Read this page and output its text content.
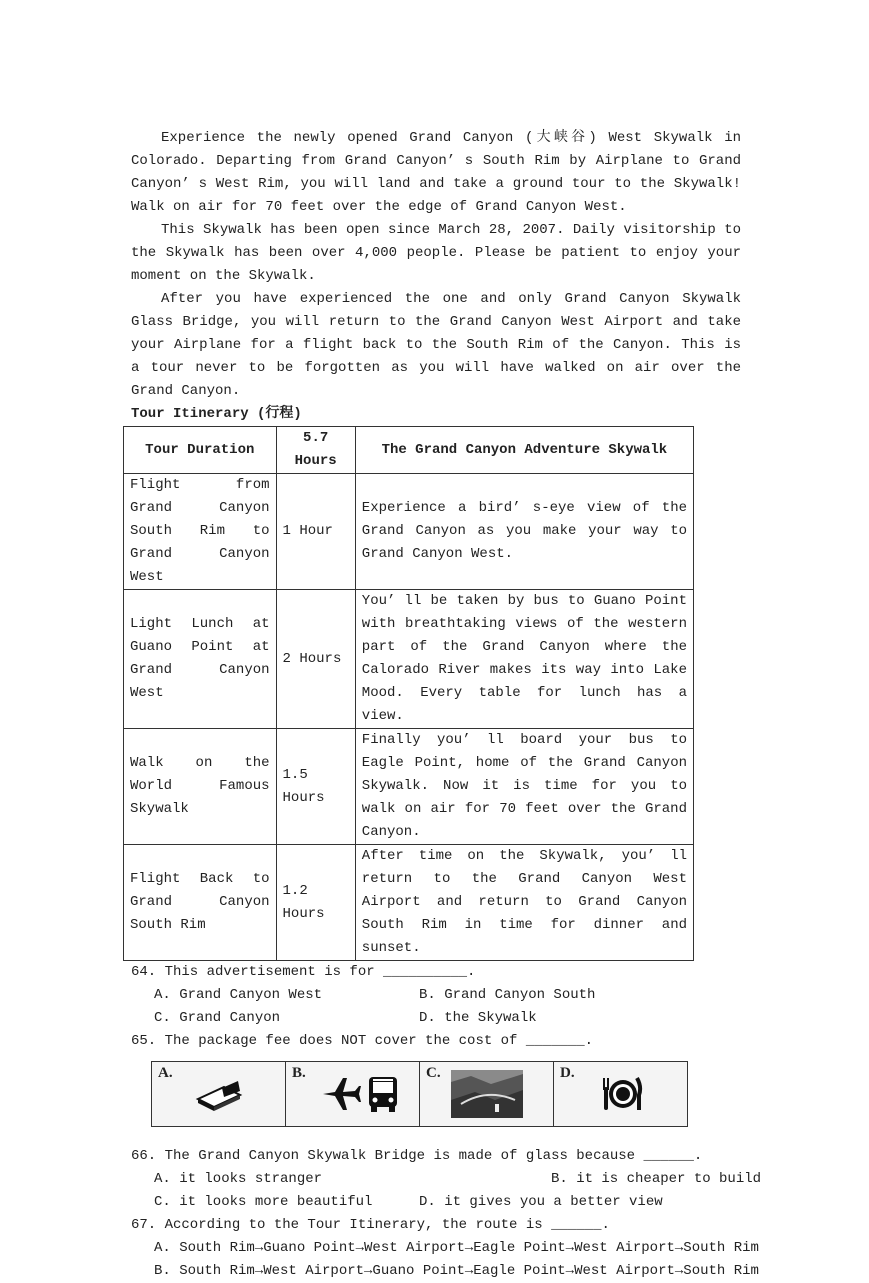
Experience the newly opened Grand Canyon (大峡谷) West Skywalk in Colorado. Departing from Grand Canyon’ s South Rim by Airplane to Grand Canyon’ s West Rim, you will land and take a ground tour to the Skywalk! Walk on air for 70 feet over the edge of Grand Canyon West.

This Skywalk has been open since March 28, 2007. Daily visitorship to the Skywalk has been over 4,000 people. Please be patient to enjoy your moment on the Skywalk.

After you have experienced the one and only Grand Canyon Skywalk Glass Bridge, you will return to the Grand Canyon West Airport and take your Airplane for a flight back to the South Rim of the Canyon. This is a tour never to be forgotten as you will have walked on air over the Grand Canyon.

Tour Itinerary (行程)

Tour Duration	5.7 Hours	The Grand Canyon Adventure Skywalk
Flight from Grand Canyon South Rim to Grand Canyon West	1 Hour	Experience a bird’ s-eye view of the Grand Canyon as you make your way to Grand Canyon West.
Light Lunch at Guano Point at Grand Canyon West	2 Hours	You’ ll be taken by bus to Guano Point with breathtaking views of the western part of the Grand Canyon where the Calorado River makes its way into Lake Mood. Every table for lunch has a view.
Walk on the World Famous Skywalk	1.5 Hours	Finally you’ ll board your bus to Eagle Point, home of the Grand Canyon Skywalk. Now it is time for you to walk on air for 70 feet over the Grand Canyon.
Flight Back to Grand Canyon South Rim	1.2 Hours	After time on the Skywalk, you’ ll return to the Grand Canyon West Airport and return to Grand Canyon South Rim in time for dinner and sunset.

64. This advertisement is for __________.

A. Grand Canyon West	B. Grand Canyon South
C. Grand Canyon	D. the Skywalk

65. The package fee does NOT cover the cost of _______.

A.	B.	C.	D.

66. The Grand Canyon Skywalk Bridge is made of glass because ______.

A. it looks stranger	B. it is cheaper to build
C. it looks more beautiful	D. it gives you a better view

67. According to the Tour Itinerary, the route is ______.

A. South Rim→Guano Point→West Airport→Eagle Point→West Airport→South Rim
B. South Rim→West Airport→Guano Point→Eagle Point→West Airport→South Rim
